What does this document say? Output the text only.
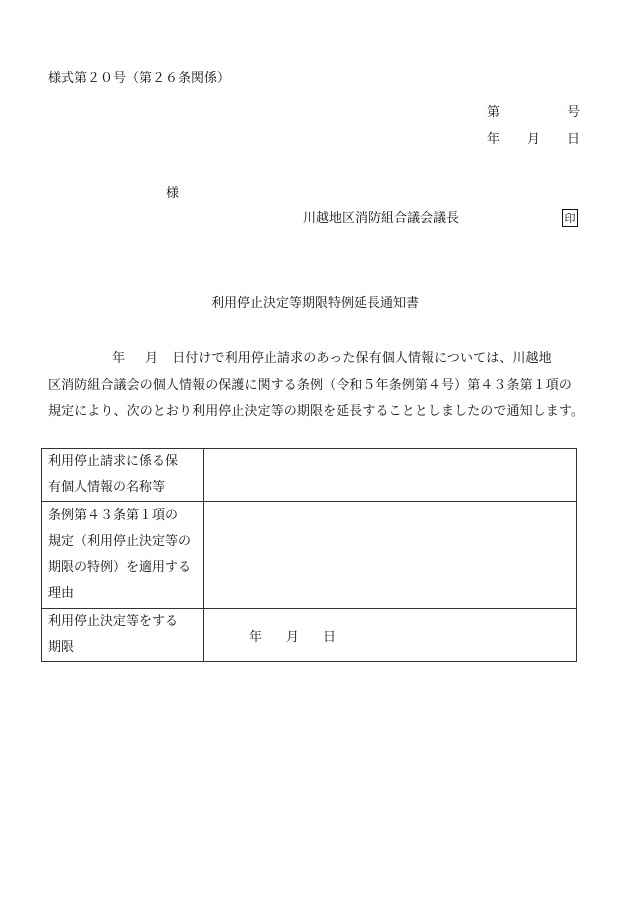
様式第２０号（第２６条関係）
第	号
年 月 日
様
川越地区消防組合議会議長	印
利用停止決定等期限特例延長通知書
年 月 日付けで利用停止請求のあった保有個人情報については、川越地
区消防組合議会の個人情報の保護に関する条例（令和５年条例第４号）第４３条第１項の
規定により、次のとおり利用停止決定等の期限を延長することとしましたので通知します。
利用停止請求に係る保
有個人情報の名称等	

条例第４３条第１項の
規定（利用停止決定等の
期限の特例）を適用する
理由	

利用停止決定等をする
期限	年 月 日
